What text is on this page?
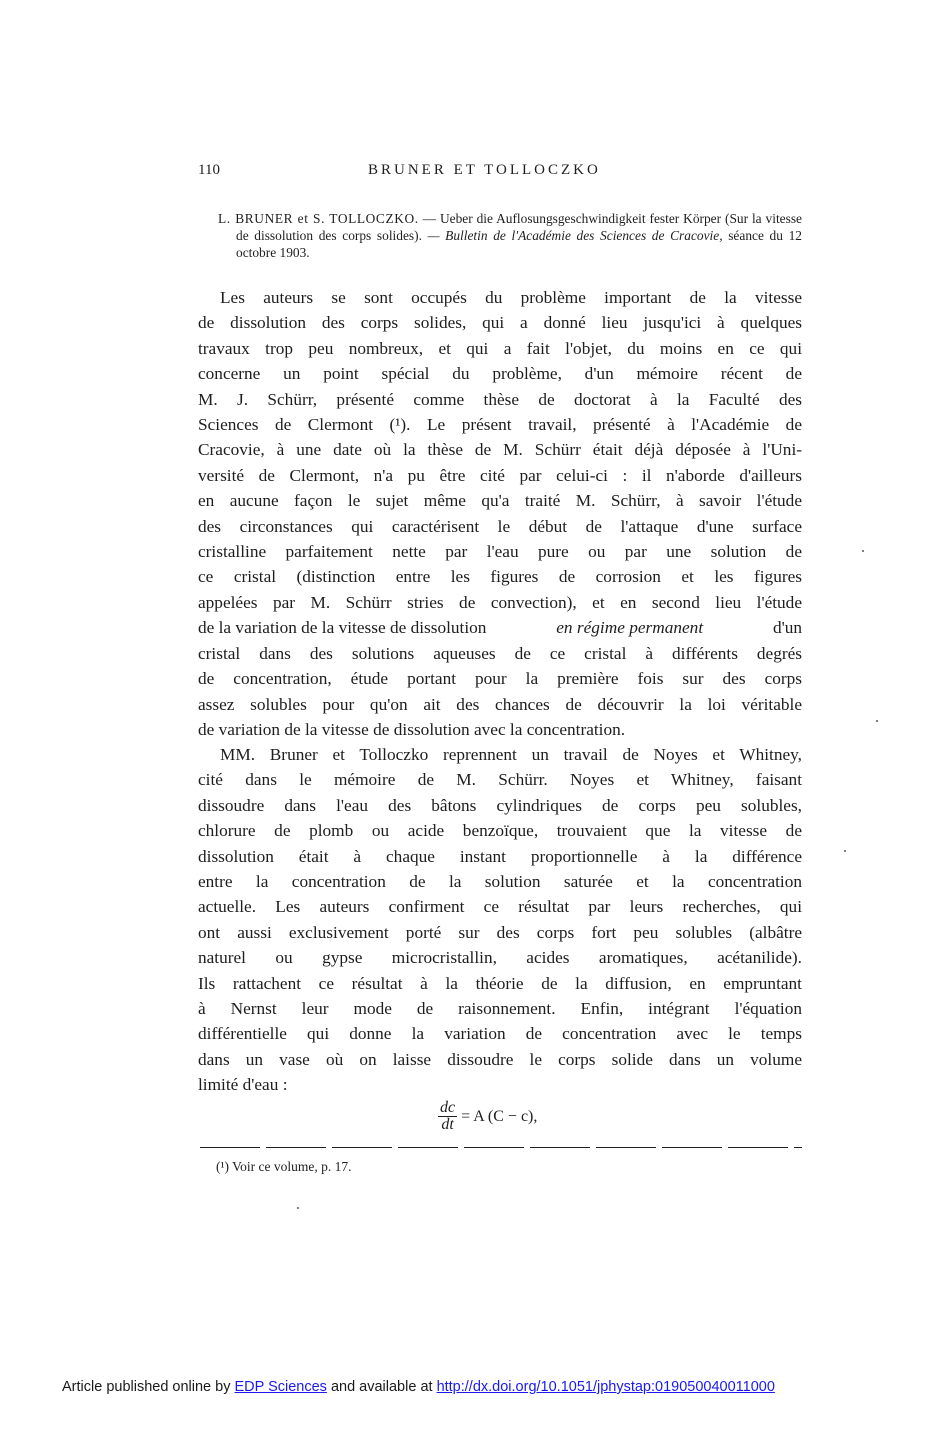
110	BRUNER ET TOLLOCZKO
L. BRUNER et S. TOLLOCZKO. — Ueber die Auflosungsgeschwindigkeit fester Körper (Sur la vitesse de dissolution des corps solides). — Bulletin de l'Académie des Sciences de Cracovie, séance du 12 octobre 1903.
Les auteurs se sont occupés du problème important de la vitesse
de dissolution des corps solides, qui a donné lieu jusqu'ici à quelques
travaux trop peu nombreux, et qui a fait l'objet, du moins en ce qui
concerne un point spécial du problème, d'un mémoire récent de
M. J. Schürr, présenté comme thèse de doctorat à la Faculté des
Sciences de Clermont (¹). Le présent travail, présenté à l'Académie de
Cracovie, à une date où la thèse de M. Schürr était déjà déposée à l'Uni-
versité de Clermont, n'a pu être cité par celui-ci : il n'aborde d'ailleurs
en aucune façon le sujet même qu'a traité M. Schürr, à savoir l'étude
des circonstances qui caractérisent le début de l'attaque d'une surface
cristalline parfaitement nette par l'eau pure ou par une solution de
ce cristal (distinction entre les figures de corrosion et les figures
appelées par M. Schürr stries de convection), et en second lieu l'étude
de la variation de la vitesse de dissolution	en régime permanent	d'un
cristal dans des solutions aqueuses de ce cristal à différents degrés
de concentration, étude portant pour la première fois sur des corps
assez solubles pour qu'on ait des chances de découvrir la loi véritable
de variation de la vitesse de dissolution avec la concentration.
MM. Bruner et Tolloczko reprennent un travail de Noyes et Whitney,
cité dans le mémoire de M. Schürr. Noyes et Whitney, faisant
dissoudre dans l'eau des bâtons cylindriques de corps peu solubles,
chlorure de plomb ou acide benzoïque, trouvaient que la vitesse de
dissolution était à chaque instant proportionnelle à la différence
entre la concentration de la solution saturée et la concentration
actuelle. Les auteurs confirment ce résultat par leurs recherches, qui
ont aussi exclusivement porté sur des corps fort peu solubles (albâtre
naturel ou gypse microcristallin, acides aromatiques, acétanilide).
Ils rattachent ce résultat à la théorie de la diffusion, en empruntant
à Nernst leur mode de raisonnement. Enfin, intégrant l'équation
différentielle qui donne la variation de concentration avec le temps
dans un vase où on laisse dissoudre le corps solide dans un volume
limité d'eau :
$\frac{dc}{dt} = A$ (C − c),
(¹) Voir ce volume, p. 17.
Article published online by EDP Sciences and available at http://dx.doi.org/10.1051/jphystap:019050040011000
